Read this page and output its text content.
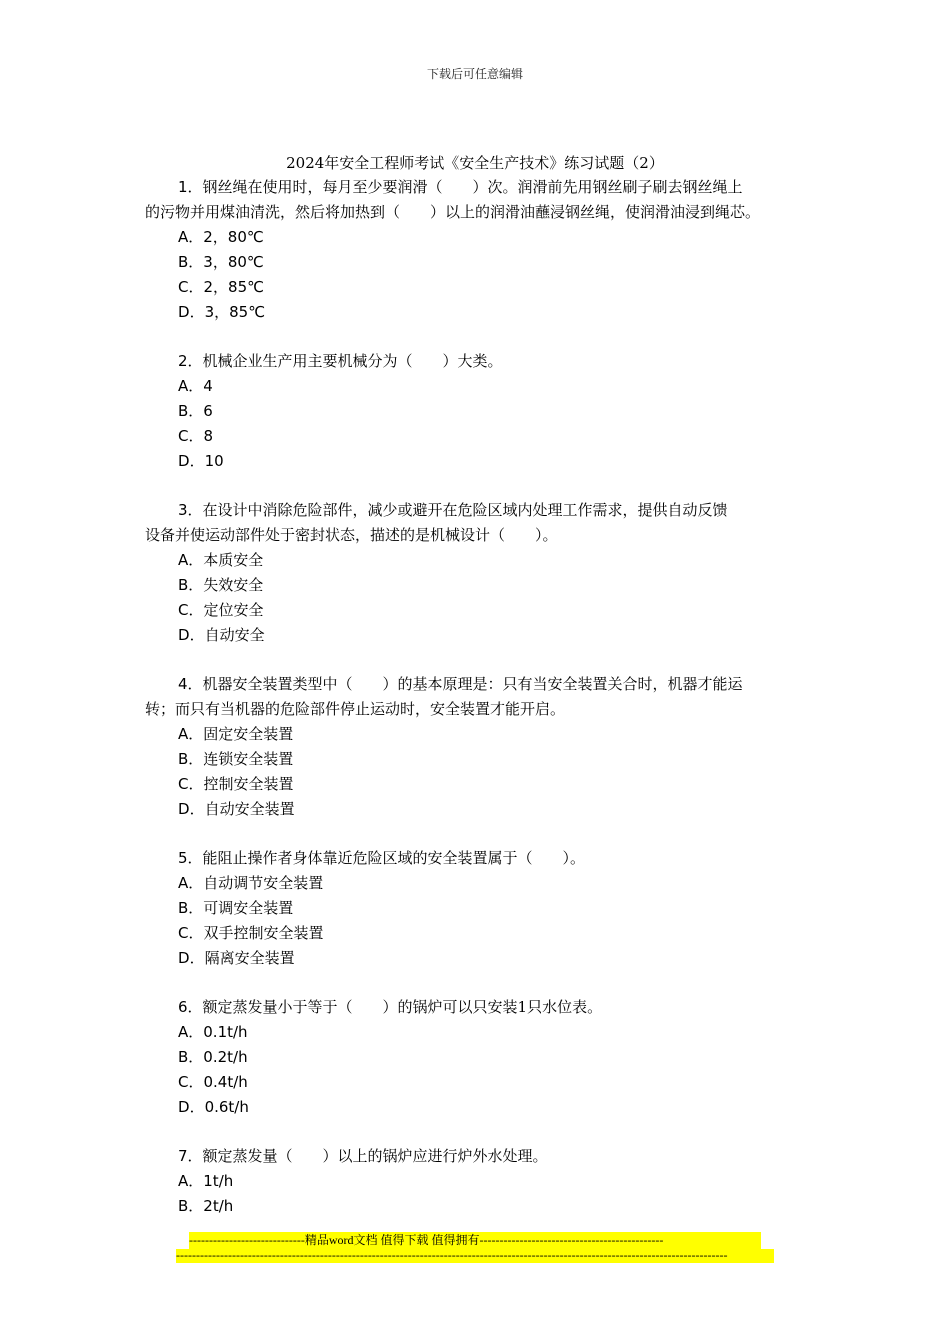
下载后可任意编辑
2024年安全工程师考试《安全生产技术》练习试题（2）
1．钢丝绳在使用时，每月至少要润滑（　　）次。润滑前先用钢丝刷子刷去钢丝绳上
的污物并用煤油清洗，然后将加热到（　　）以上的润滑油蘸浸钢丝绳，使润滑油浸到绳芯。
A．2，80℃
B．3，80℃
C．2，85℃
D．3，85℃
2．机械企业生产用主要机械分为（　　）大类。
A．4
B．6
C．8
D．10
3．在设计中消除危险部件，减少或避开在危险区域内处理工作需求，提供自动反馈
设备并使运动部件处于密封状态，描述的是机械设计（　　）。
A．本质安全
B．失效安全
C．定位安全
D．自动安全
4．机器安全装置类型中（　　）的基本原理是：只有当安全装置关合时，机器才能运
转；而只有当机器的危险部件停止运动时，安全装置才能开启。
A．固定安全装置
B．连锁安全装置
C．控制安全装置
D．自动安全装置
5．能阻止操作者身体靠近危险区域的安全装置属于（　　）。
A．自动调节安全装置
B．可调安全装置
C．双手控制安全装置
D．隔离安全装置
6．额定蒸发量小于等于（　　）的锅炉可以只安装1只水位表。
A．0.1t/h
B．0.2t/h
C．0.4t/h
D．0.6t/h
7．额定蒸发量（　　）以上的锅炉应进行炉外水处理。
A．1t/h
B．2t/h
-----------------------------精品word文档 值得下载 值得拥有----------------------------------------------
------------------------------------------------------------------------------------------------------------------------------------------
